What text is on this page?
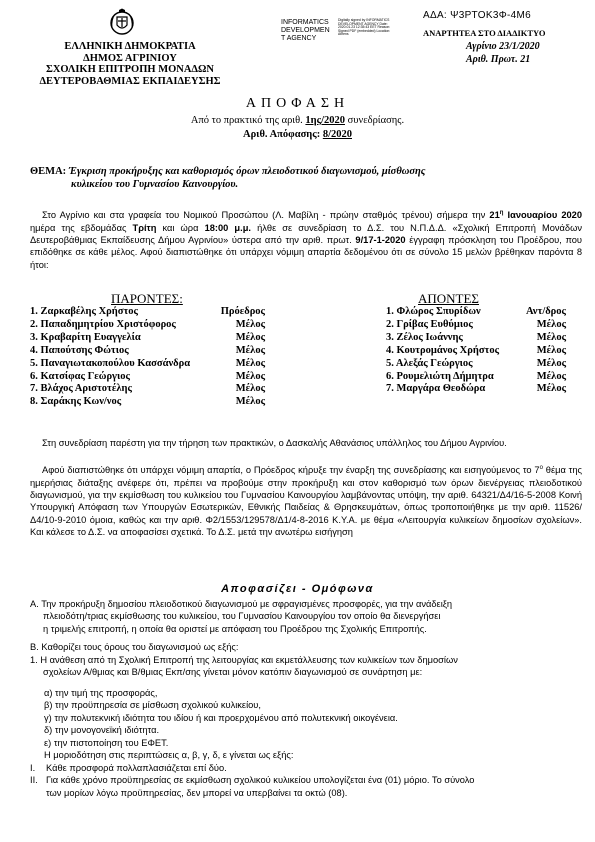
ΑΔΑ: Ψ3ΡΤΟΚ3Φ-4Μ6
ΕΛΛΗΝΙΚΗ ΔΗΜΟΚΡΑΤΙΑ
ΔΗΜΟΣ ΑΓΡΙΝΙΟΥ
ΣΧΟΛΙΚΗ ΕΠΙΤΡΟΠΗ ΜΟΝΑΔΩΝ
ΔΕΥΤΕΡΟΒΑΘΜΙΑΣ ΕΚΠΑΙΔΕΥΣΗΣ
INFORMATICS
DEVELOPMEN
T AGENCY
Digitally signed by INFORMATICS DEVELOPMENT AGENCY Date: 2020.01.23 12:35:43 EET Reason: Signed PDF (embedded) Location: Athens	ΑΝΑΡΤΗΤΕΑ ΣΤΟ ΔΙΑΔΙΚΤΥΟ
Αγρίνιο 23/1/2020
Αριθ. Πρωτ. 21
ΑΠΟΦΑΣΗ
Από το πρακτικό της αριθ. 1ης/2020 συνεδρίασης.
Αριθ. Απόφασης: 8/2020
ΘΕΜΑ: Έγκριση προκήρυξης και καθορισμός όρων πλειοδοτικού διαγωνισμού, μίσθωσης
κυλικείου του Γυμνασίου Καινουργίου.
Στο Αγρίνιο και στα γραφεία του Νομικού Προσώπου (Λ. Μαβίλη - πρώην σταθμός τρένου) σήμερα την $21^\eta$ Ιανουαρίου 2020 ημέρα της εβδομάδας Τρίτη και ώρα 18:00 μ.μ. ήλθε σε συνεδρίαση το Δ.Σ. του Ν.Π.Δ.Δ. «Σχολική Επιτροπή Μονάδων Δευτεροβάθμιας Εκπαίδευσης Δήμου Αγρινίου» ύστερα από την αριθ. πρωτ. 9/17-1-2020 έγγραφη πρόσκληση του Προέδρου, που επιδόθηκε σε κάθε μέλος. Αφού διαπιστώθηκε ότι υπάρχει νόμιμη απαρτία δεδομένου ότι σε σύνολο 15 μελών βρέθηκαν παρόντα 8 ήτοι:
ΠΑΡΟΝΤΕΣ:	ΑΠΟΝΤΕΣ
1. Ζαρκαβέλης Χρήστος	Πρόεδρος
2. Παπαδημητρίου Χριστόφορος	Μέλος
3. Κραβαρίτη Ευαγγελία	Μέλος
4. Παπούτσης Φώτιος	Μέλος
5. Παναγιωτακοπούλου Κασσάνδρα	Μέλος
6. Κατσίφας Γεώργιος	Μέλος
7. Βλάχος Αριστοτέλης	Μέλος
8. Σαράκης Κων/νος	Μέλος
1. Φλώρος Σπυρίδων	Αντ/δρος
2. Γρίβας Ευθύμιος	Μέλος
3. Ζέλος Ιωάννης	Μέλος
4. Κουτρομάνος Χρήστος	Μέλος
5. Αλεξάς Γεώργιος	Μέλος
6. Ρουμελιώτη Δήμητρα	Μέλος
7. Μαργάρα Θεοδώρα	Μέλος
Στη συνεδρίαση παρέστη για την τήρηση των πρακτικών, ο Δασκαλής Αθανάσιος υπάλληλος του Δήμου Αγρινίου.
Αφού διαπιστώθηκε ότι υπάρχει νόμιμη απαρτία, ο Πρόεδρος κήρυξε την έναρξη της συνεδρίασης και εισηγούμενος το $7^o$ θέμα της ημερήσιας διάταξης ανέφερε ότι, πρέπει να προβούμε στην προκήρυξη και στον καθορισμό των όρων διενέργειας πλειοδοτικού διαγωνισμού, για την εκμίσθωση του κυλικείου του Γυμνασίου Καινουργίου λαμβάνοντας υπόψη, την αριθ. 64321/Δ4/16-5-2008 Κοινή Υπουργική Απόφαση των Υπουργών Εσωτερικών, Εθνικής Παιδείας & Θρησκευμάτων, όπως τροποποιήθηκε με την αριθ. 11526/Δ4/10-9-2010 όμοια, καθώς και την αριθ. Φ2/1553/129578/Δ1/4-8-2016 Κ.Υ.Α. με θέμα «Λειτουργία κυλικείων δημοσίων σχολείων». Και κάλεσε το Δ.Σ. να αποφασίσει σχετικά. Το Δ.Σ. μετά την ανωτέρω εισήγηση
Αποφασίζει - Ομόφωνα
Α. Την προκήρυξη δημοσίου πλειοδοτικού διαγωνισμού με σφραγισμένες προσφορές, για την ανάδειξη
πλειοδότη/τριας εκμίσθωσης του κυλικείου, του Γυμνασίου Καινουργίου τον οποίο θα διενεργήσει
η τριμελής επιτροπή, η οποία θα οριστεί με απόφαση του Προέδρου της Σχολικής Επιτροπής.
Β. Καθορίζει τους όρους του διαγωνισμού ως εξής:
1. Η ανάθεση από τη Σχολική Επιτροπή της λειτουργίας και εκμετάλλευσης των κυλικείων των δημοσίων
σχολείων Α/θμιας και Β/θμιας Εκπ/σης γίνεται μόνον κατόπιν διαγωνισμού σε συνάρτηση με:
α) την τιμή της προσφοράς,
β) την προϋπηρεσία σε μίσθωση σχολικού κυλικείου,
γ) την πολυτεκνική ιδιότητα του ιδίου ή και προερχομένου από πολυτεκνική οικογένεια.
δ) την μονογονεϊκή ιδιότητα.
ε) την πιστοποίηση του ΕΦΕΤ.
Η μοριοδότηση στις περιπτώσεις α, β, γ, δ, ε γίνεται ως εξής:
I. Κάθε προσφορά πολλαπλασιάζεται επί δύο.
II. Για κάθε χρόνο προϋπηρεσίας σε εκμίσθωση σχολικού κυλικείου υπολογίζεται ένα (01) μόριο. Το σύνολο
των μορίων λόγω προϋπηρεσίας, δεν μπορεί να υπερβαίνει τα οκτώ (08).
